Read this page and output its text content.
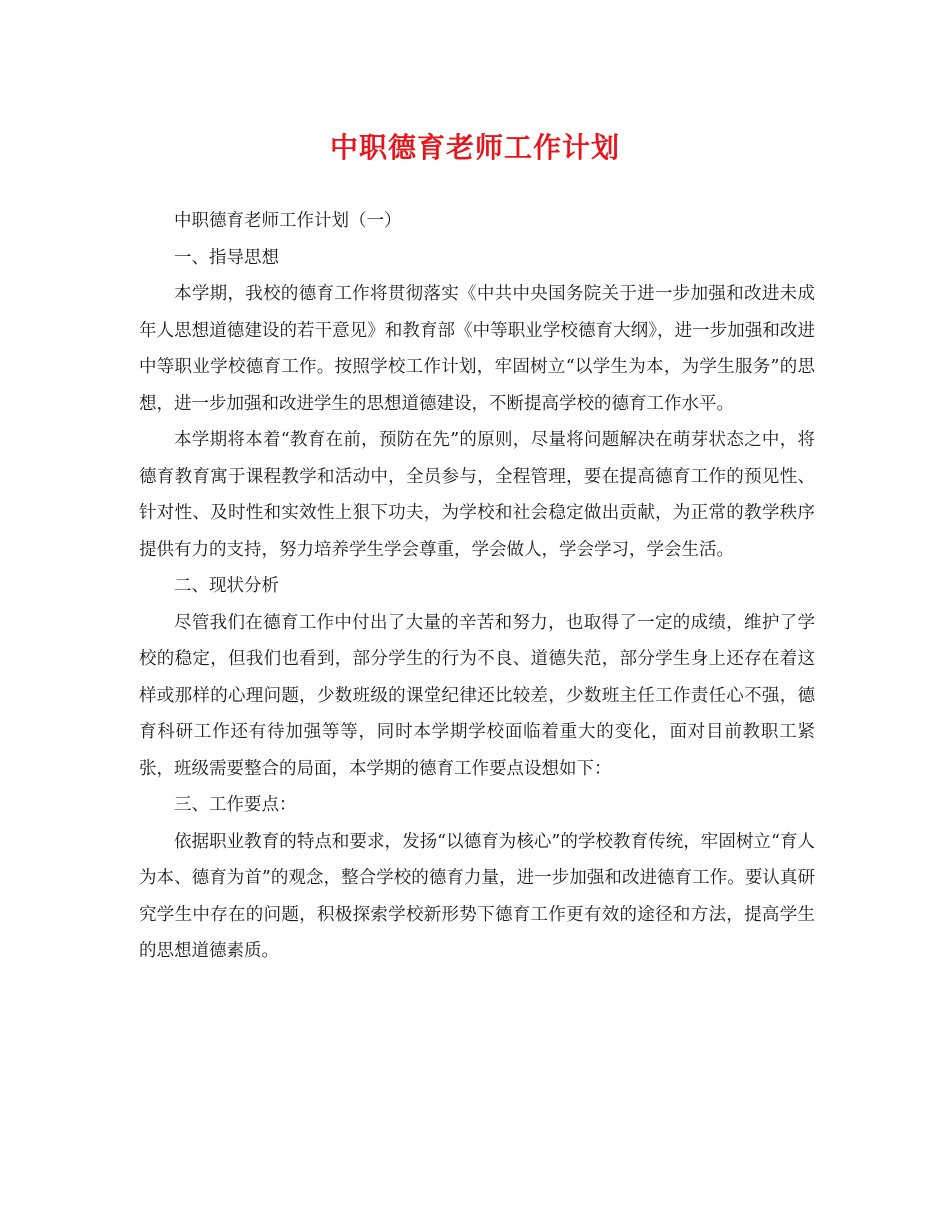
中职德育老师工作计划

中职德育老师工作计划（一）

一、指导思想

本学期，我校的德育工作将贯彻落实《中共中央国务院关于进一步加强和改进未成年人思想道德建设的若干意见》和教育部《中等职业学校德育大纲》，进一步加强和改进中等职业学校德育工作。按照学校工作计划，牢固树立“以学生为本，为学生服务”的思想，进一步加强和改进学生的思想道德建设，不断提高学校的德育工作水平。

本学期将本着“教育在前，预防在先”的原则，尽量将问题解决在萌芽状态之中，将德育教育寓于课程教学和活动中，全员参与，全程管理，要在提高德育工作的预见性、针对性、及时性和实效性上狠下功夫，为学校和社会稳定做出贡献，为正常的教学秩序提供有力的支持，努力培养学生学会尊重，学会做人，学会学习，学会生活。

二、现状分析

尽管我们在德育工作中付出了大量的辛苦和努力，也取得了一定的成绩，维护了学校的稳定，但我们也看到，部分学生的行为不良、道德失范，部分学生身上还存在着这样或那样的心理问题，少数班级的课堂纪律还比较差，少数班主任工作责任心不强，德育科研工作还有待加强等等，同时本学期学校面临着重大的变化，面对目前教职工紧张，班级需要整合的局面，本学期的德育工作要点设想如下：

三、工作要点：

依据职业教育的特点和要求，发扬“以德育为核心”的学校教育传统，牢固树立“育人为本、德育为首”的观念，整合学校的德育力量，进一步加强和改进德育工作。要认真研究学生中存在的问题，积极探索学校新形势下德育工作更有效的途径和方法，提高学生的思想道德素质。
